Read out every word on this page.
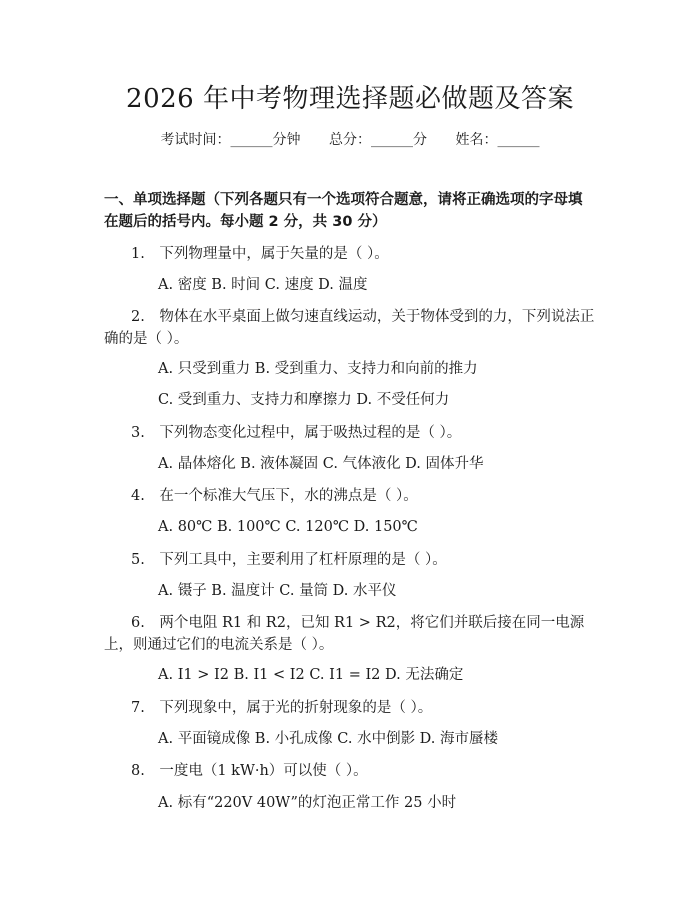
2026 年中考物理选择题必做题及答案
考试时间：______分钟 总分：______分 姓名：______
一、单项选择题（下列各题只有一个选项符合题意，请将正确选项的字母填在题后的括号内。每小题 2 分，共 30 分）
1.　下列物理量中，属于矢量的是（ ）。
A. 密度 B. 时间 C. 速度 D. 温度
2.　物体在水平桌面上做匀速直线运动，关于物体受到的力，下列说法正确的是（ ）。
A. 只受到重力 B. 受到重力、支持力和向前的推力
C. 受到重力、支持力和摩擦力 D. 不受任何力
3.　下列物态变化过程中，属于吸热过程的是（ ）。
A. 晶体熔化 B. 液体凝固 C. 气体液化 D. 固体升华
4.　在一个标准大气压下，水的沸点是（ ）。
A. 80℃ B. 100℃ C. 120℃ D. 150℃
5.　下列工具中，主要利用了杠杆原理的是（ ）。
A. 镊子 B. 温度计 C. 量筒 D. 水平仪
6.　两个电阻 R1 和 R2，已知 R1 > R2，将它们并联后接在同一电源上，则通过它们的电流关系是（ ）。
A. I1 > I2 B. I1 < I2 C. I1 = I2 D. 无法确定
7.　下列现象中，属于光的折射现象的是（ ）。
A. 平面镜成像 B. 小孔成像 C. 水中倒影 D. 海市蜃楼
8.　一度电（1 kW·h）可以使（ ）。
A. 标有“220V 40W”的灯泡正常工作 25 小时
